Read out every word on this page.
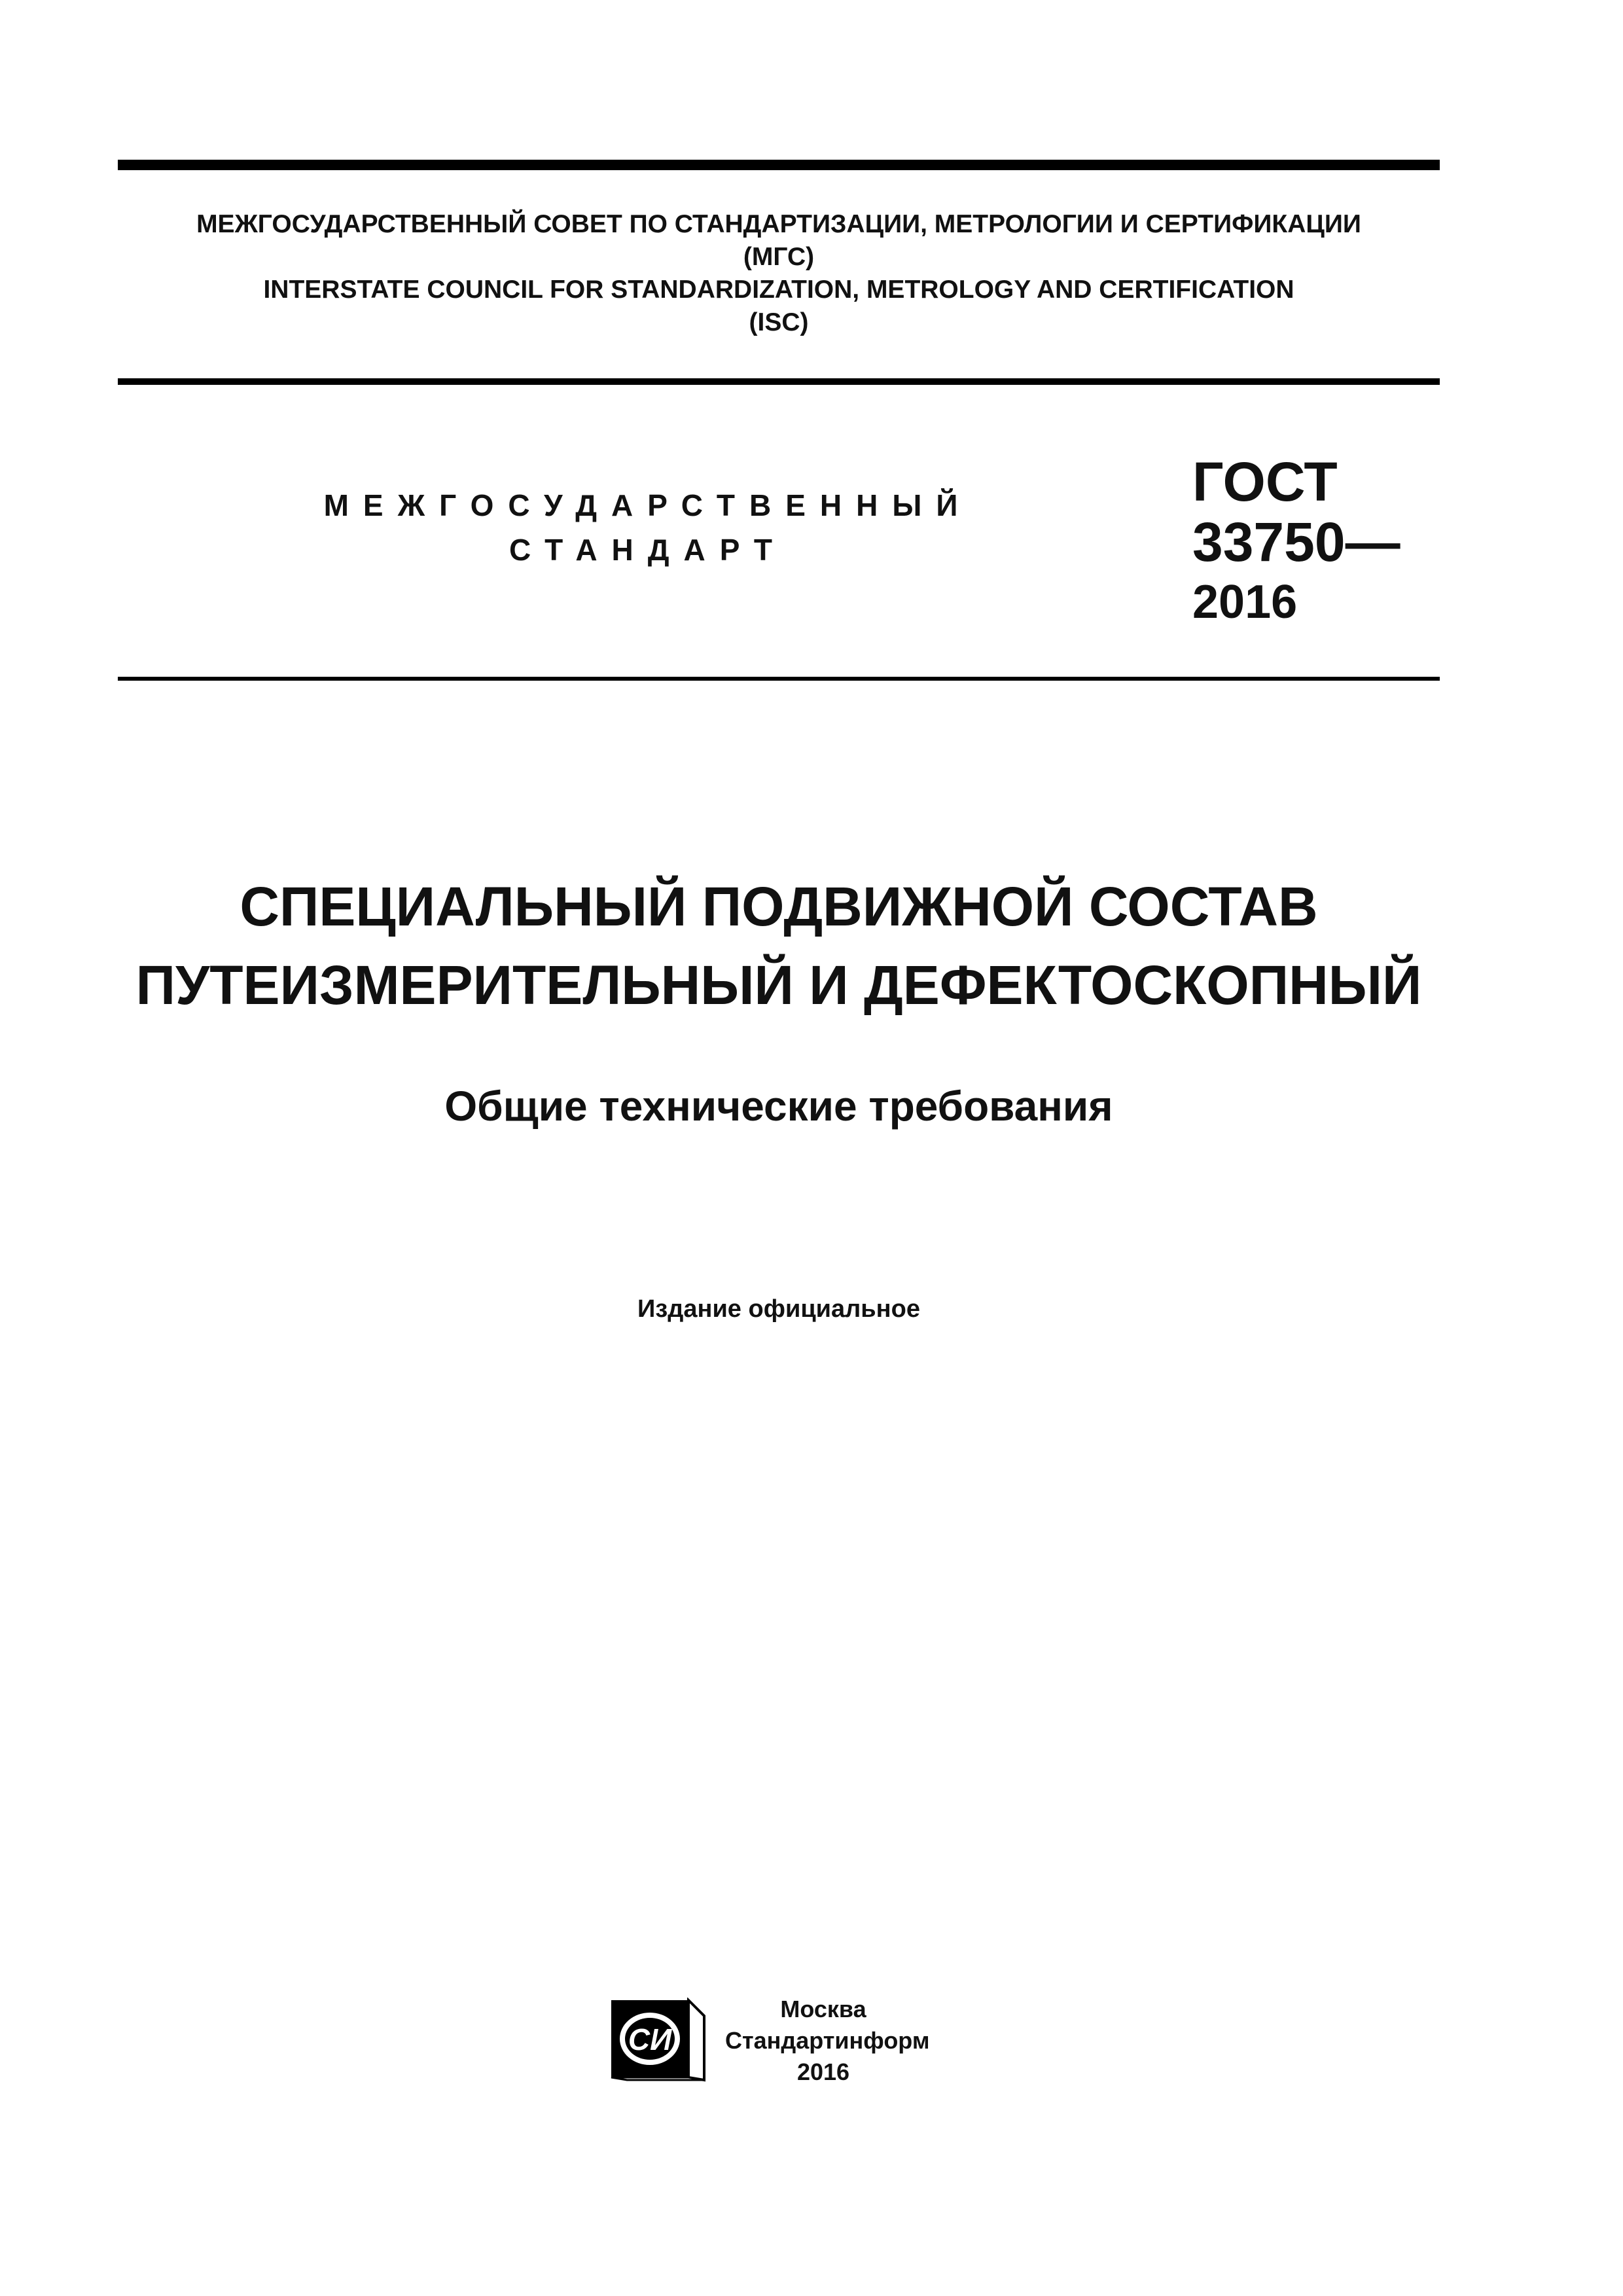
МЕЖГОСУДАРСТВЕННЫЙ СОВЕТ ПО СТАНДАРТИЗАЦИИ, МЕТРОЛОГИИ И СЕРТИФИКАЦИИ
(МГС)
INTERSTATE COUNCIL FOR STANDARDIZATION, METROLOGY AND CERTIFICATION
(ISC)
МЕЖГОСУДАРСТВЕННЫЙ
СТАНДАРТ
ГОСТ
33750—
2016
СПЕЦИАЛЬНЫЙ ПОДВИЖНОЙ СОСТАВ
ПУТЕИЗМЕРИТЕЛЬНЫЙ И ДЕФЕКТОСКОПНЫЙ
Общие технические требования
Издание официальное
СИ
Москва
Стандартинформ
2016
